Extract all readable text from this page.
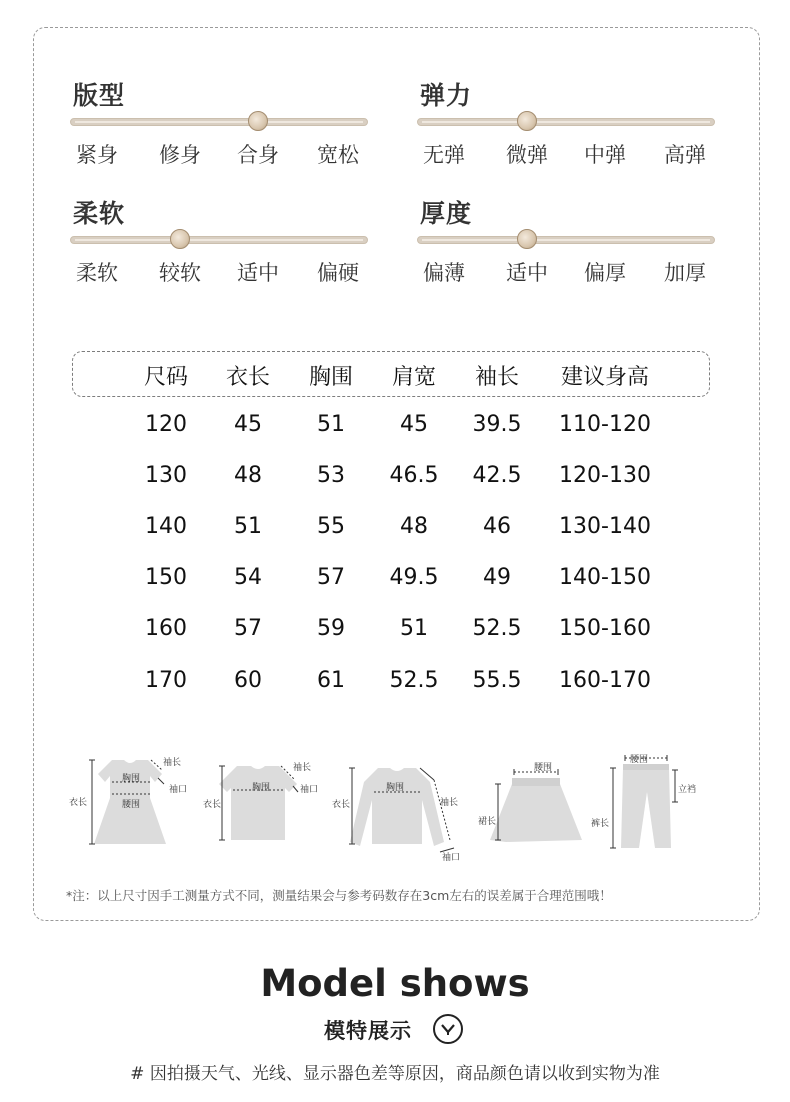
版型
紧身 修身 合身 宽松
弹力
无弹 微弹 中弹 高弹
柔软
柔软 较软 适中 偏硬
厚度
偏薄 适中 偏厚 加厚
尺码	衣长	胸围	肩宽	袖长	建议身高
120	45	51	45	39.5	110-120
130	48	53	46.5	42.5	120-130
140	51	55	48	46	130-140
150	54	57	49.5	49	140-150
160	57	59	51	52.5	150-160
170	60	61	52.5	55.5	160-170
衣长
胸围
腰围
袖长
袖口
衣长
胸围
袖长
袖口
衣长
胸围
袖长
袖口
腰围
裙长
腰围
立裆
裤长
*注：以上尺寸因手工测量方式不同，测量结果会与参考码数存在3cm左右的误差属于合理范围哦！
Model shows
模特展示
# 因拍摄天气、光线、显示器色差等原因，商品颜色请以收到实物为准
